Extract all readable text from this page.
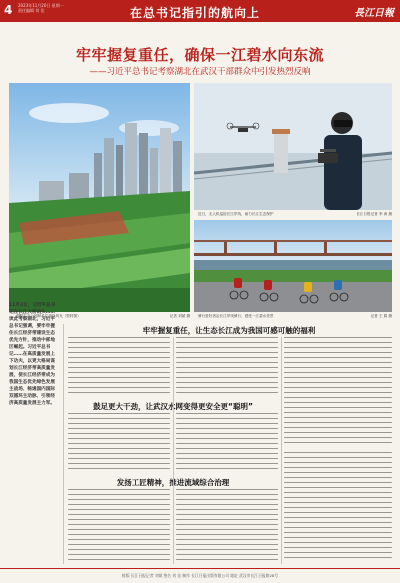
4 2023年11月20日 星期一
责任编辑 刘 佳	在总书记指引的航向上	長江日報
牢牢握复重任，确保一江碧水向东流
——习近平总书记考察湖北在武汉干部群众中引发热烈反响
湖畔生态公园和长江岸线风光（资料图）	记者 刘斌 摄
近日，无人机巡检长江岸线，助力长江生态保护	长江日报记者 李 涛 摄
骑行爱好者沿长江岸线骑行，感受一江碧水美景	记者 王 娟 摄
11月3日，习近平总书记在长江大桥码头……读此考察湖北，习近平总书记强调，要牢牢握住长江经济带建设生态优先方针，推动中部地区崛起。习近平总书记……在高质量发展上下功夫，以更大格局谋划长江经济带高质量发展，使长江经济带成为我国生态优先绿色发展主战场、畅通国内国际双循环主动脉、引领经济高质量发展主力军。
牢牢握复重任，让生态长江成为我国可感可触的福利
鼓足更大干劲，让武汉水网变得更安全更“聪明”
发扬工匠精神，推进流域综合治理
排版 长江日报记者 刘斌 签名 刘 佳 制作 长江日报出版有限公司 地址 武汉市长江日报路28号
